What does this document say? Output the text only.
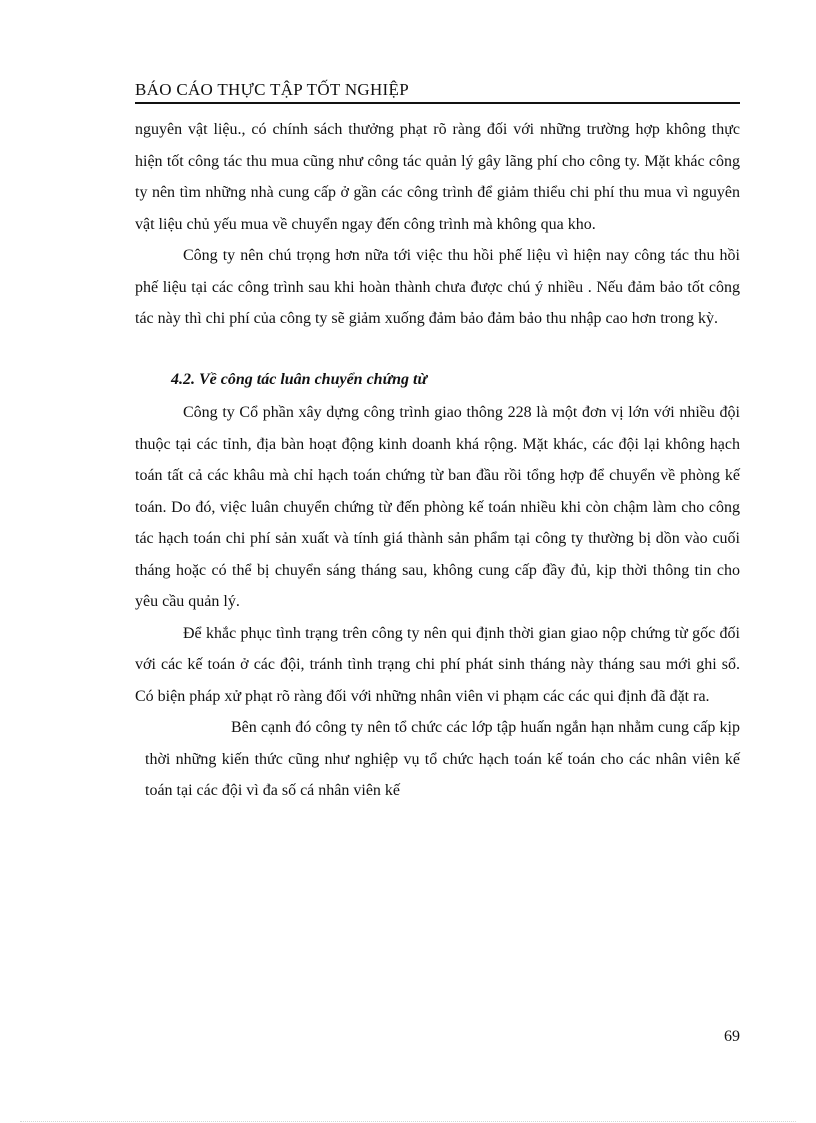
BÁO CÁO THỰC TẬP TỐT NGHIỆP

nguyên vật liệu., có chính sách thưởng phạt rõ ràng đối với những trường hợp không thực hiện tốt công tác thu mua cũng như công tác quản lý gây lãng phí cho công ty. Mặt khác công ty nên tìm những nhà cung cấp ở gần các công trình để giảm thiểu chi phí thu mua vì nguyên vật liệu chủ yếu mua về chuyển ngay đến công trình mà không qua kho.

Công ty nên chú trọng hơn nữa tới việc thu hồi phế liệu vì hiện nay công tác thu hồi phế liệu tại các công trình sau khi hoàn thành chưa được chú ý nhiều . Nếu đảm bảo tốt công tác này thì chi phí của công ty sẽ giảm xuống đảm bảo đảm bảo thu nhập cao hơn trong kỳ.

4.2. Về công tác luân chuyển chứng từ

Công ty Cổ phần xây dựng công trình giao thông 228 là một đơn vị lớn với nhiều đội thuộc tại các tỉnh, địa bàn hoạt động kinh doanh khá rộng. Mặt khác, các đội lại không hạch toán tất cả các khâu mà chỉ hạch toán chứng từ ban đầu rồi tổng hợp để chuyển về phòng kế toán. Do đó, việc luân chuyển chứng từ đến phòng kế toán nhiều khi còn chậm làm cho công tác hạch toán chi phí sản xuất và tính giá thành sản phẩm tại công ty thường bị dồn vào cuối tháng hoặc có thể bị chuyển sáng tháng sau, không cung cấp đầy đủ, kịp thời thông tin cho yêu cầu quản lý.

Để khắc phục tình trạng trên công ty nên qui định thời gian giao nộp chứng từ gốc đối với các kế toán ở các đội, tránh tình trạng chi phí phát sinh tháng này tháng sau mới ghi sổ. Có biện pháp xử phạt rõ ràng đối với những nhân viên vi phạm các các qui định đã đặt ra.

Bên cạnh đó công ty nên tổ chức các lớp tập huấn ngắn hạn nhằm cung cấp kịp thời những kiến thức cũng như nghiệp vụ tổ chức hạch toán kế toán cho các nhân viên kế toán tại các đội vì đa số cá nhân viên kế

69
